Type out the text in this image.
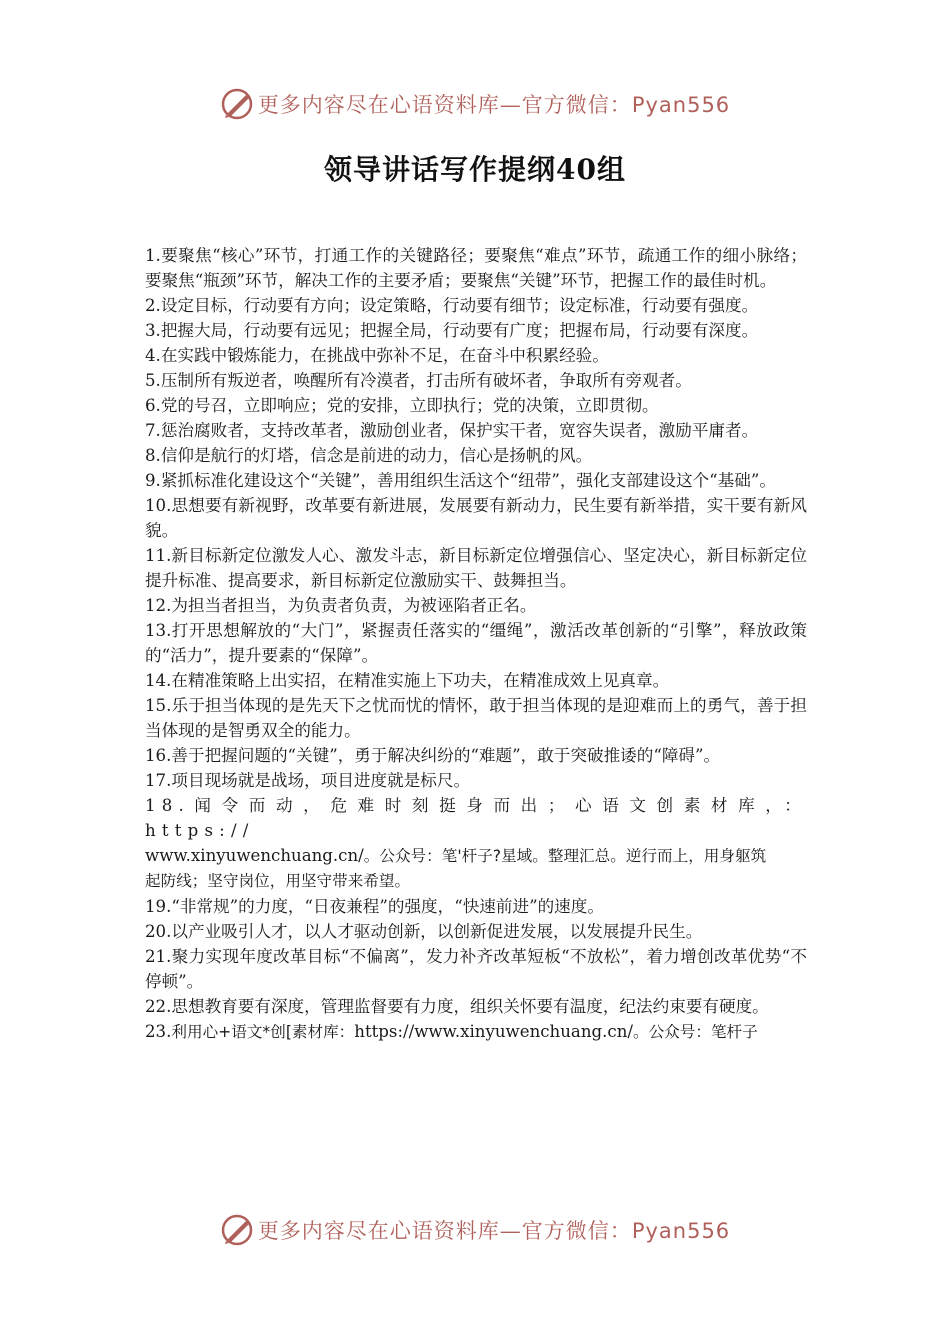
更多内容尽在心语资料库—官方微信：Pyan556
领导讲话写作提纲40组

1.要聚焦“核心”环节，打通工作的关键路径；要聚焦“难点”环节，疏通工作的细小脉络；要聚焦“瓶颈”环节，解决工作的主要矛盾；要聚焦“关键”环节，把握工作的最佳时机。

2.设定目标，行动要有方向；设定策略，行动要有细节；设定标准，行动要有强度。

3.把握大局，行动要有远见；把握全局，行动要有广度；把握布局，行动要有深度。

4.在实践中锻炼能力，在挑战中弥补不足，在奋斗中积累经验。

5.压制所有叛逆者，唤醒所有冷漠者，打击所有破坏者，争取所有旁观者。

6.党的号召，立即响应；党的安排，立即执行；党的决策，立即贯彻。

7.惩治腐败者，支持改革者，激励创业者，保护实干者，宽容失误者，激励平庸者。

8.信仰是航行的灯塔，信念是前进的动力，信心是扬帆的风。

9.紧抓标准化建设这个“关键”，善用组织生活这个“纽带”，强化支部建设这个“基础”。

10.思想要有新视野，改革要有新进展，发展要有新动力，民生要有新举措，实干要有新风貌。

11.新目标新定位激发人心、激发斗志，新目标新定位增强信心、坚定决心，新目标新定位提升标准、提高要求，新目标新定位激励实干、鼓舞担当。

12.为担当者担当，为负责者负责，为被诬陷者正名。

13.打开思想解放的“大门”，紧握责任落实的“缰绳”，激活改革创新的“引擎”，释放政策的“活力”，提升要素的“保障”。

14.在精准策略上出实招，在精准实施上下功夫，在精准成效上见真章。

15.乐于担当体现的是先天下之忧而忧的情怀，敢于担当体现的是迎难而上的勇气，善于担当体现的是智勇双全的能力。

16.善于把握问题的“关键”，勇于解决纠纷的“难题”，敢于突破推诿的“障碍”。

17.项目现场就是战场，项目进度就是标尺。

18.闻令而动，危难时刻挺身而出；心语文创素材库，：https://

www.xinyuwenchuang.cn/。公众号：笔'杆子?星域。整理汇总。逆行而上，用身躯筑

起防线；坚守岗位，用坚守带来希望。

19.“非常规”的力度，“日夜兼程”的强度，“快速前进”的速度。

20.以产业吸引人才，以人才驱动创新，以创新促进发展，以发展提升民生。

21.聚力实现年度改革目标“不偏离”，发力补齐改革短板“不放松”，着力增创改革优势“不停顿”。

22.思想教育要有深度，管理监督要有力度，组织关怀要有温度，纪法约束要有硬度。

23.利用心+语文*创[素材库：https://www.xinyuwenchuang.cn/。公众号：笔杆子

更多内容尽在心语资料库—官方微信：Pyan556
